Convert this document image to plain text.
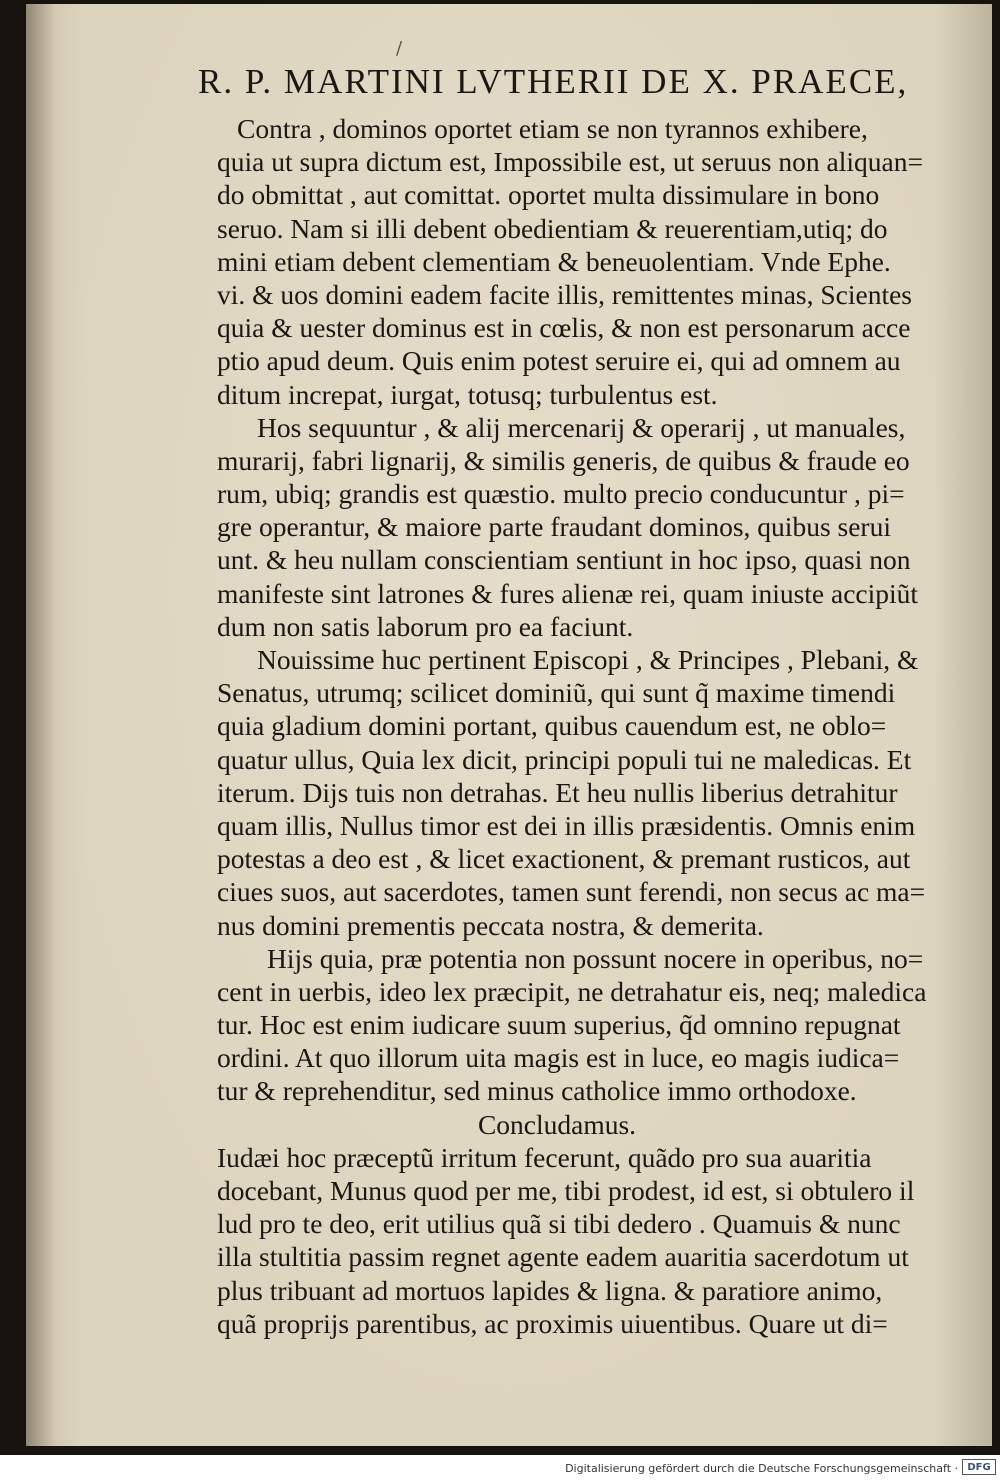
/
R. P. MARTINI LVTHERII DE X. PRAECE,
Contra , dominos oportet etiam se non tyrannos exhibere,
quia ut supra dictum est, Impossibile est, ut seruus non aliquan=
do obmittat , aut comittat. oportet multa dissimulare in bono
seruo. Nam si illi debent obedientiam & reuerentiam,utiq; do
mini etiam debent clementiam & beneuolentiam. Vnde Ephe.
vi. & uos domini eadem facite illis, remittentes minas, Scientes
quia & uester dominus est in cœlis, & non est personarum acce
ptio apud deum. Quis enim potest seruire ei, qui ad omnem au
ditum increpat, iurgat, totusq; turbulentus est.
Hos sequuntur , & alij mercenarij & operarij , ut manuales,
murarij, fabri lignarij, & similis generis, de quibus & fraude eo
rum, ubiq; grandis est quæstio. multo precio conducuntur , pi=
gre operantur, & maiore parte fraudant dominos, quibus serui
unt. & heu nullam conscientiam sentiunt in hoc ipso, quasi non
manifeste sint latrones & fures alienæ rei, quam iniuste accipiũt
dum non satis laborum pro ea faciunt.
Nouissime huc pertinent Episcopi , & Principes , Plebani, &
Senatus, utrumq; scilicet dominiũ, qui sunt q̃ maxime timendi
quia gladium domini portant, quibus cauendum est, ne oblo=
quatur ullus, Quia lex dicit, principi populi tui ne maledicas. Et
iterum. Dijs tuis non detrahas. Et heu nullis liberius detrahitur
quam illis, Nullus timor est dei in illis præsidentis. Omnis enim
potestas a deo est , & licet exactionent, & premant rusticos, aut
ciues suos, aut sacerdotes, tamen sunt ferendi, non secus ac ma=
nus domini prementis peccata nostra, & demerita.
Hijs quia, præ potentia non possunt nocere in operibus, no=
cent in uerbis, ideo lex præcipit, ne detrahatur eis, neq; maledica
tur. Hoc est enim iudicare suum superius, q̃d omnino repugnat
ordini. At quo illorum uita magis est in luce, eo magis iudica=
tur & reprehenditur, sed minus catholice immo orthodoxe.
Concludamus.
Iudæi hoc præceptũ irritum fecerunt, quãdo pro sua auaritia
docebant, Munus quod per me, tibi prodest, id est, si obtulero il
lud pro te deo, erit utilius quã si tibi dedero . Quamuis & nunc
illa stultitia passim regnet agente eadem auaritia sacerdotum ut
plus tribuant ad mortuos lapides & ligna. & paratiore animo,
quã proprijs parentibus, ac proximis uiuentibus. Quare ut di=
Digitalisierung gefördert durch die Deutsche Forschungsgemeinschaft · DFG
